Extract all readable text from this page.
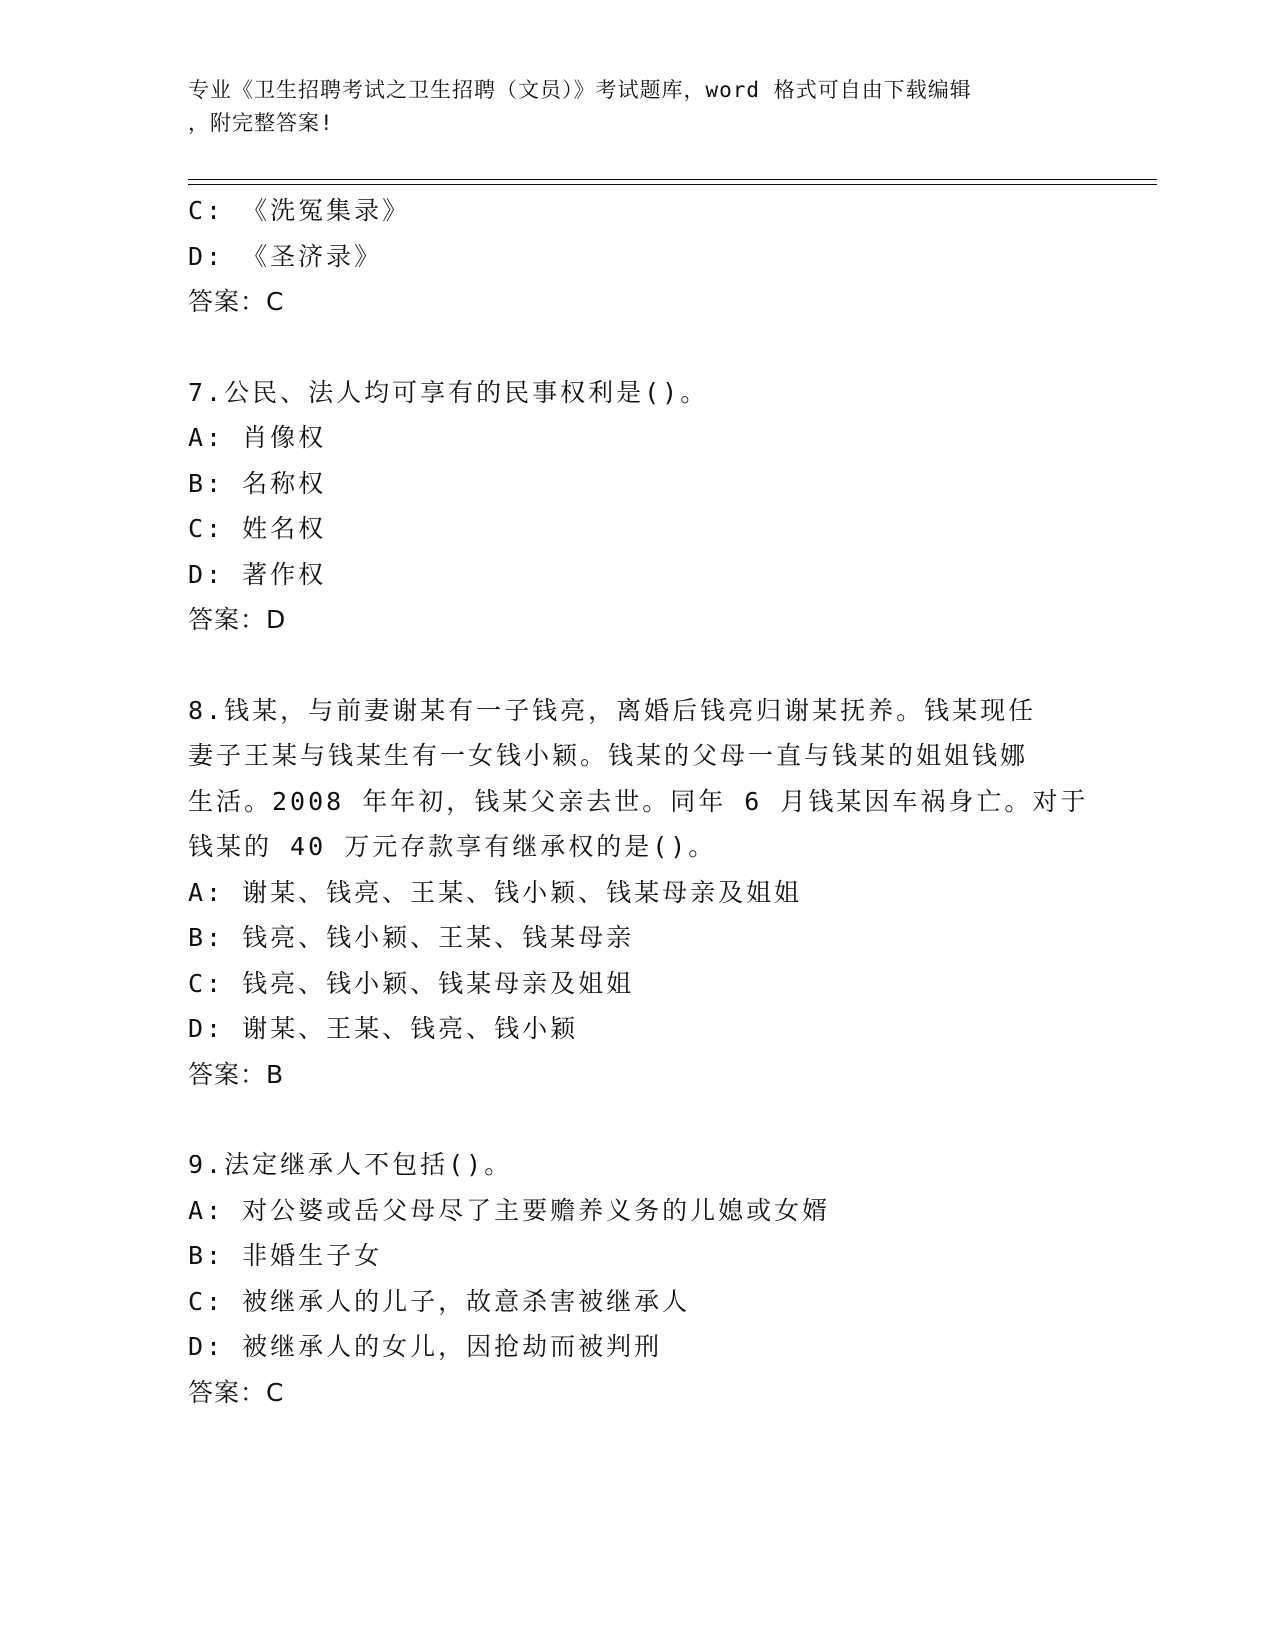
专业《卫生招聘考试之卫生招聘（文员）》考试题库，word 格式可自由下载编辑
，附完整答案!
C: 《洗冤集录》
D: 《圣济录》
答案：C
7.公民、法人均可享有的民事权利是()。
A: 肖像权
B: 名称权
C: 姓名权
D: 著作权
答案：D
8.钱某，与前妻谢某有一子钱亮，离婚后钱亮归谢某抚养。钱某现任
妻子王某与钱某生有一女钱小颖。钱某的父母一直与钱某的姐姐钱娜
生活。2008 年年初，钱某父亲去世。同年 6 月钱某因车祸身亡。对于
钱某的 40 万元存款享有继承权的是()。
A: 谢某、钱亮、王某、钱小颖、钱某母亲及姐姐
B: 钱亮、钱小颖、王某、钱某母亲
C: 钱亮、钱小颖、钱某母亲及姐姐
D: 谢某、王某、钱亮、钱小颖
答案：B
9.法定继承人不包括()。
A: 对公婆或岳父母尽了主要赡养义务的儿媳或女婿
B: 非婚生子女
C: 被继承人的儿子，故意杀害被继承人
D: 被继承人的女儿，因抢劫而被判刑
答案：C
